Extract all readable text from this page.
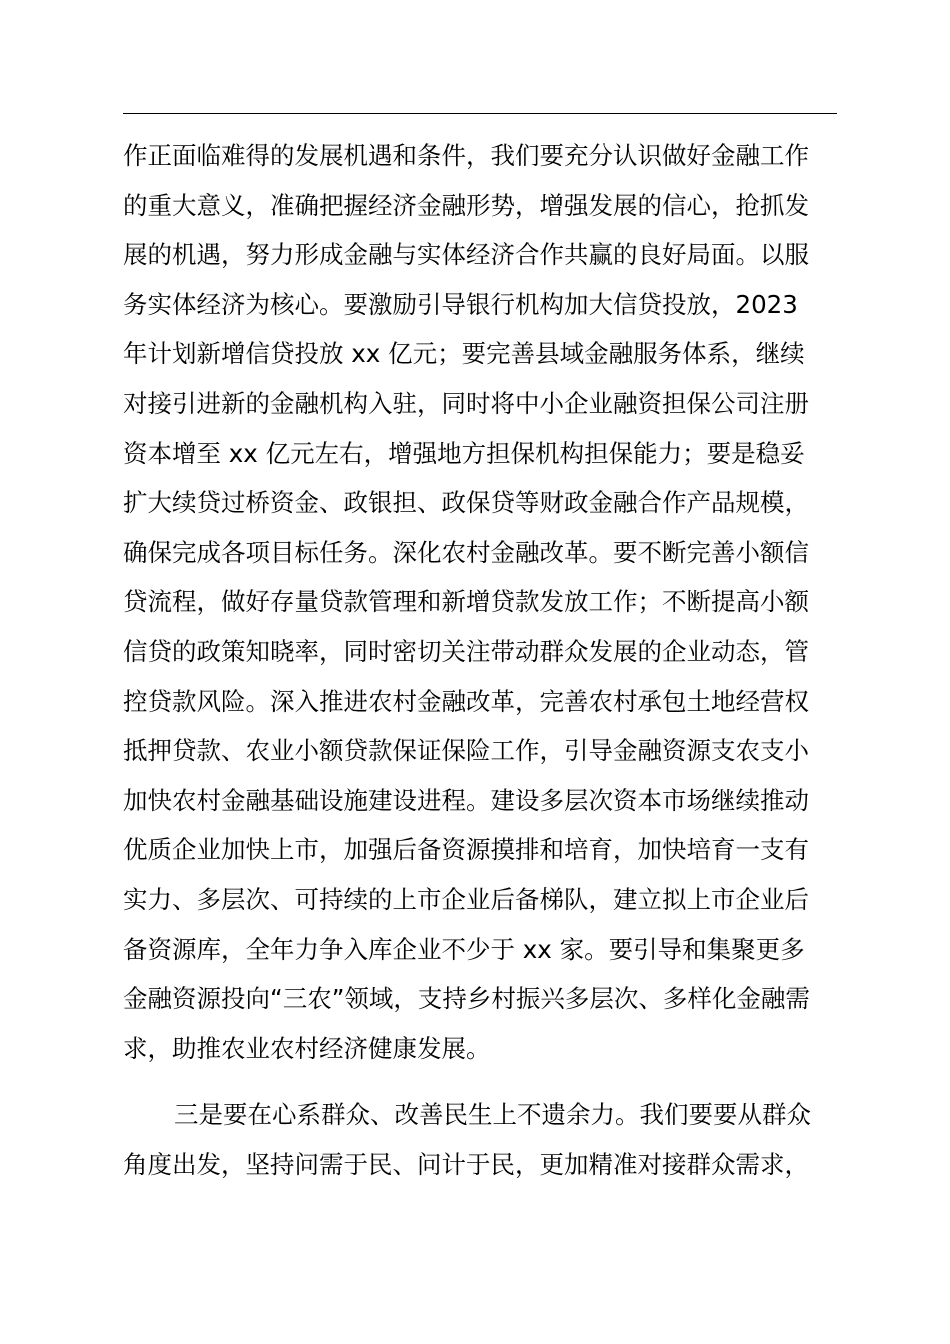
作正面临难得的发展机遇和条件，我们要充分认识做好金融工作
的重大意义，准确把握经济金融形势，增强发展的信心，抢抓发
展的机遇，努力形成金融与实体经济合作共赢的良好局面。以服
务实体经济为核心。要激励引导银行机构加大信贷投放，2023
年计划新增信贷投放 xx 亿元；要完善县域金融服务体系，继续
对接引进新的金融机构入驻，同时将中小企业融资担保公司注册
资本增至 xx 亿元左右，增强地方担保机构担保能力；要是稳妥
扩大续贷过桥资金、政银担、政保贷等财政金融合作产品规模，
确保完成各项目标任务。深化农村金融改革。要不断完善小额信
贷流程，做好存量贷款管理和新增贷款发放工作；不断提高小额
信贷的政策知晓率，同时密切关注带动群众发展的企业动态，管
控贷款风险。深入推进农村金融改革，完善农村承包土地经营权
抵押贷款、农业小额贷款保证保险工作，引导金融资源支农支小
加快农村金融基础设施建设进程。建设多层次资本市场继续推动
优质企业加快上市，加强后备资源摸排和培育，加快培育一支有
实力、多层次、可持续的上市企业后备梯队，建立拟上市企业后
备资源库，全年力争入库企业不少于 xx 家。要引导和集聚更多
金融资源投向“三农”领域，支持乡村振兴多层次、多样化金融需
求，助推农业农村经济健康发展。
三是要在心系群众、改善民生上不遗余力。我们要要从群众
角度出发，坚持问需于民、问计于民，更加精准对接群众需求，
